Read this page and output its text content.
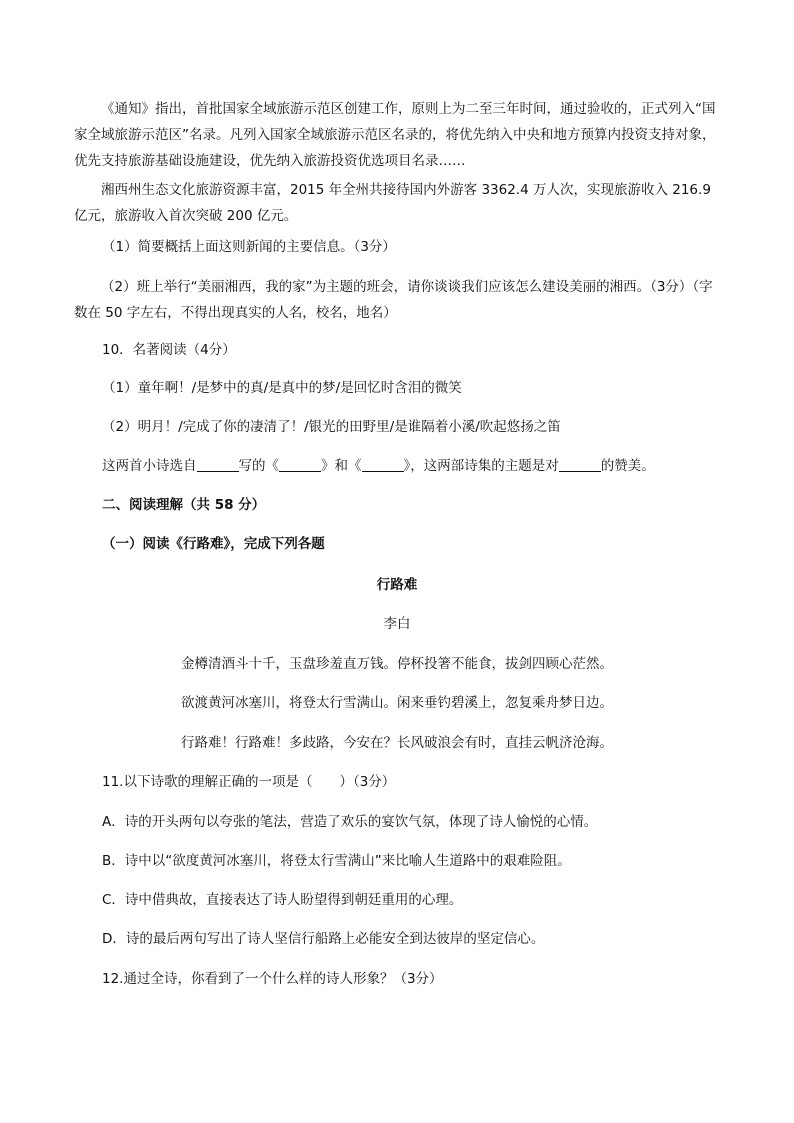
《通知》指出，首批国家全域旅游示范区创建工作，原则上为二至三年时间，通过验收的，正式列入“国家全域旅游示范区”名录。凡列入国家全域旅游示范区名录的，将优先纳入中央和地方预算内投资支持对象，优先支持旅游基础设施建设，优先纳入旅游投资优选项目名录……

湘西州生态文化旅游资源丰富，2015 年全州共接待国内外游客 3362.4 万人次，实现旅游收入 216.9 亿元，旅游收入首次突破 200 亿元。

（1）简要概括上面这则新闻的主要信息。（3分）

（2）班上举行“美丽湘西，我的家”为主题的班会，请你谈谈我们应该怎么建设美丽的湘西。（3分）（字数在 50 字左右，不得出现真实的人名，校名，地名）

10．名著阅读（4分）
（1）童年啊！/是梦中的真/是真中的梦/是回忆时含泪的微笑
（2）明月！/完成了你的凄清了！/银光的田野里/是谁隔着小溪/吹起悠扬之笛
这两首小诗选自	写的《	》和《	》，这两部诗集的主题是对	的赞美。
二、阅读理解（共 58 分）
（一）阅读《行路难》，完成下列各题
行路难
李白
金樽清酒斗十千，玉盘珍羞直万钱。停杯投箸不能食，拔剑四顾心茫然。
欲渡黄河冰塞川，将登太行雪满山。闲来垂钓碧溪上，忽复乘舟梦日边。
行路难！行路难！多歧路，今安在？长风破浪会有时，直挂云帆济沧海。
11.以下诗歌的理解正确的一项是（　　）（3分）
A．诗的开头两句以夸张的笔法，营造了欢乐的宴饮气氛，体现了诗人愉悦的心情。
B．诗中以“欲度黄河冰塞川，将登太行雪满山”来比喻人生道路中的艰难险阻。
C．诗中借典故，直接表达了诗人盼望得到朝廷重用的心理。
D．诗的最后两句写出了诗人坚信行船路上必能安全到达彼岸的坚定信心。
12.通过全诗，你看到了一个什么样的诗人形象？（3分）
